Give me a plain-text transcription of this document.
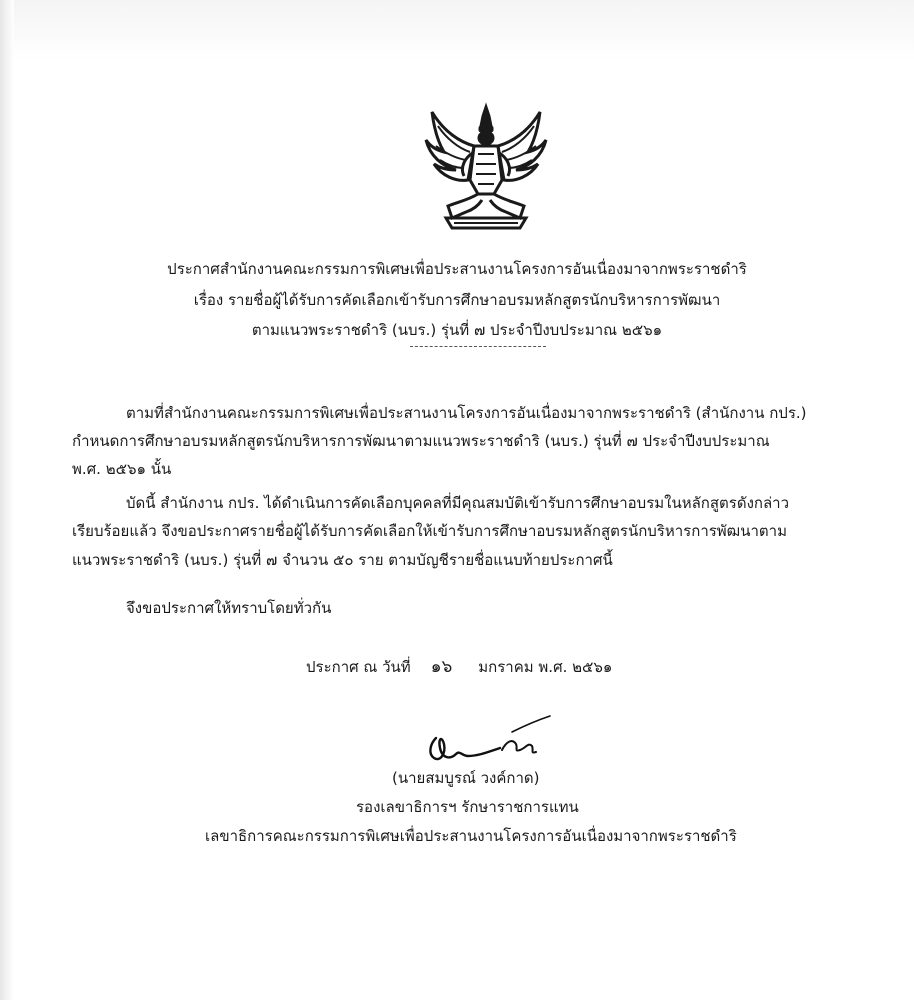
ประกาศสำนักงานคณะกรรมการพิเศษเพื่อประสานงานโครงการอันเนื่องมาจากพระราชดำริ
เรื่อง รายชื่อผู้ได้รับการคัดเลือกเข้ารับการศึกษาอบรมหลักสูตรนักบริหารการพัฒนา
ตามแนวพระราชดำริ (นบร.) รุ่นที่ ๗ ประจำปีงบประมาณ ๒๕๖๑
ตามที่สำนักงานคณะกรรมการพิเศษเพื่อประสานงานโครงการอันเนื่องมาจากพระราชดำริ (สำนักงาน กปร.)
กำหนดการศึกษาอบรมหลักสูตรนักบริหารการพัฒนาตามแนวพระราชดำริ (นบร.) รุ่นที่ ๗ ประจำปีงบประมาณ
พ.ศ. ๒๕๖๑ นั้น
บัดนี้ สำนักงาน กปร. ได้ดำเนินการคัดเลือกบุคคลที่มีคุณสมบัติเข้ารับการศึกษาอบรมในหลักสูตรดังกล่าว
เรียบร้อยแล้ว จึงขอประกาศรายชื่อผู้ได้รับการคัดเลือกให้เข้ารับการศึกษาอบรมหลักสูตรนักบริหารการพัฒนาตาม
แนวพระราชดำริ (นบร.) รุ่นที่ ๗ จำนวน ๕๐ ราย ตามบัญชีรายชื่อแนบท้ายประกาศนี้
จึงขอประกาศให้ทราบโดยทั่วกัน
ประกาศ ณ วันที่ ๑๖ มกราคม พ.ศ. ๒๕๖๑
(นายสมบูรณ์ วงค์กาด)
รองเลขาธิการฯ รักษาราชการแทน
เลขาธิการคณะกรรมการพิเศษเพื่อประสานงานโครงการอันเนื่องมาจากพระราชดำริ
